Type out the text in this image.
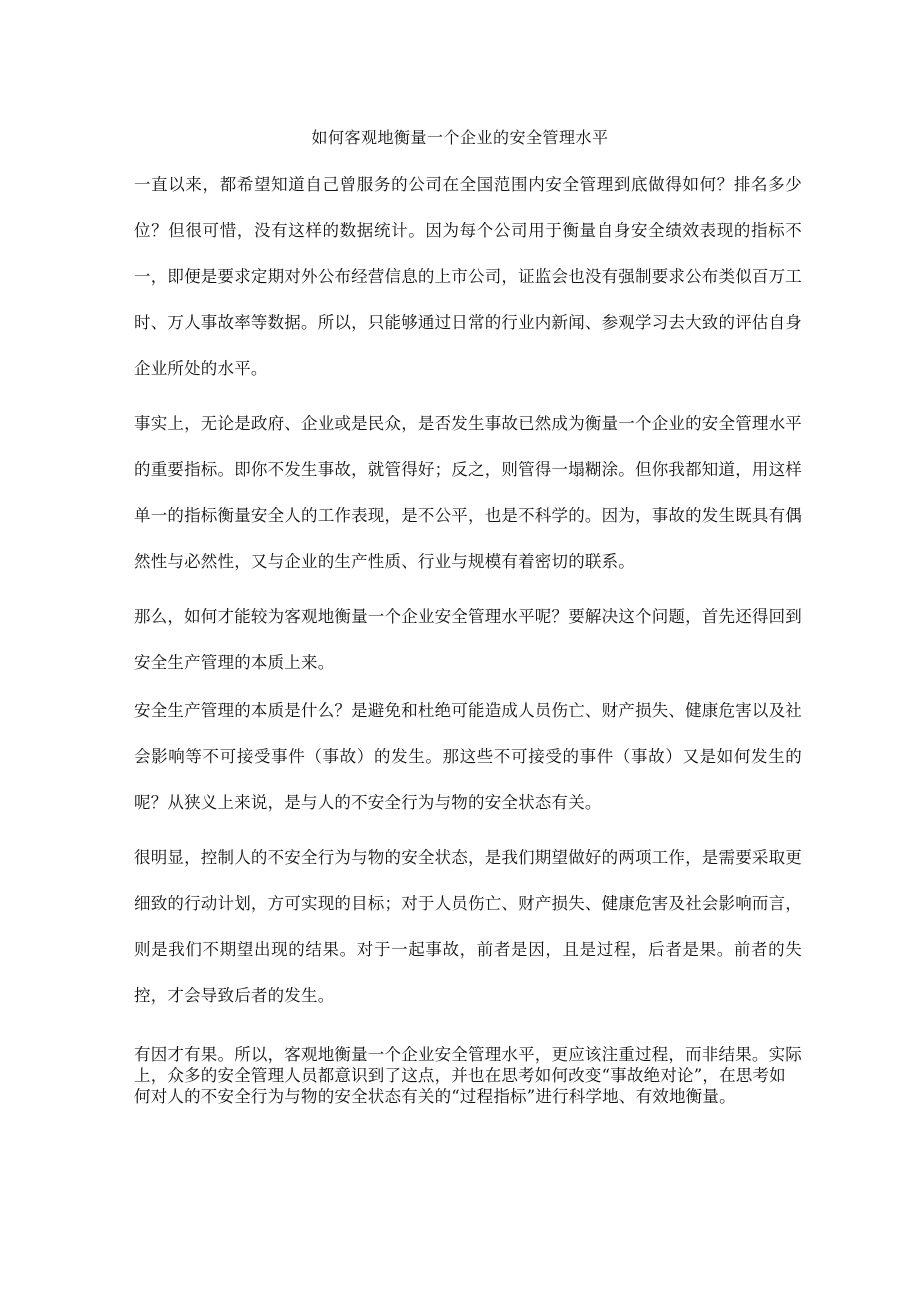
如何客观地衡量一个企业的安全管理水平

一直以来，都希望知道自己曾服务的公司在全国范围内安全管理到底做得如何？排名多少位？但很可惜，没有这样的数据统计。因为每个公司用于衡量自身安全绩效表现的指标不一，即便是要求定期对外公布经营信息的上市公司，证监会也没有强制要求公布类似百万工时、万人事故率等数据。所以，只能够通过日常的行业内新闻、参观学习去大致的评估自身企业所处的水平。

事实上，无论是政府、企业或是民众，是否发生事故已然成为衡量一个企业的安全管理水平的重要指标。即你不发生事故，就管得好；反之，则管得一塌糊涂。但你我都知道，用这样单一的指标衡量安全人的工作表现，是不公平，也是不科学的。因为，事故的发生既具有偶然性与必然性，又与企业的生产性质、行业与规模有着密切的联系。

那么，如何才能较为客观地衡量一个企业安全管理水平呢？要解决这个问题，首先还得回到安全生产管理的本质上来。

安全生产管理的本质是什么？是避免和杜绝可能造成人员伤亡、财产损失、健康危害以及社会影响等不可接受事件（事故）的发生。那这些不可接受的事件（事故）又是如何发生的呢？从狭义上来说，是与人的不安全行为与物的安全状态有关。

很明显，控制人的不安全行为与物的安全状态，是我们期望做好的两项工作，是需要采取更细致的行动计划，方可实现的目标；对于人员伤亡、财产损失、健康危害及社会影响而言，则是我们不期望出现的结果。对于一起事故，前者是因，且是过程，后者是果。前者的失控，才会导致后者的发生。

有因才有果。所以，客观地衡量一个企业安全管理水平，更应该注重过程，而非结果。实际上，众多的安全管理人员都意识到了这点，并也在思考如何改变“事故绝对论”，在思考如何对人的不安全行为与物的安全状态有关的“过程指标”进行科学地、有效地衡量。
